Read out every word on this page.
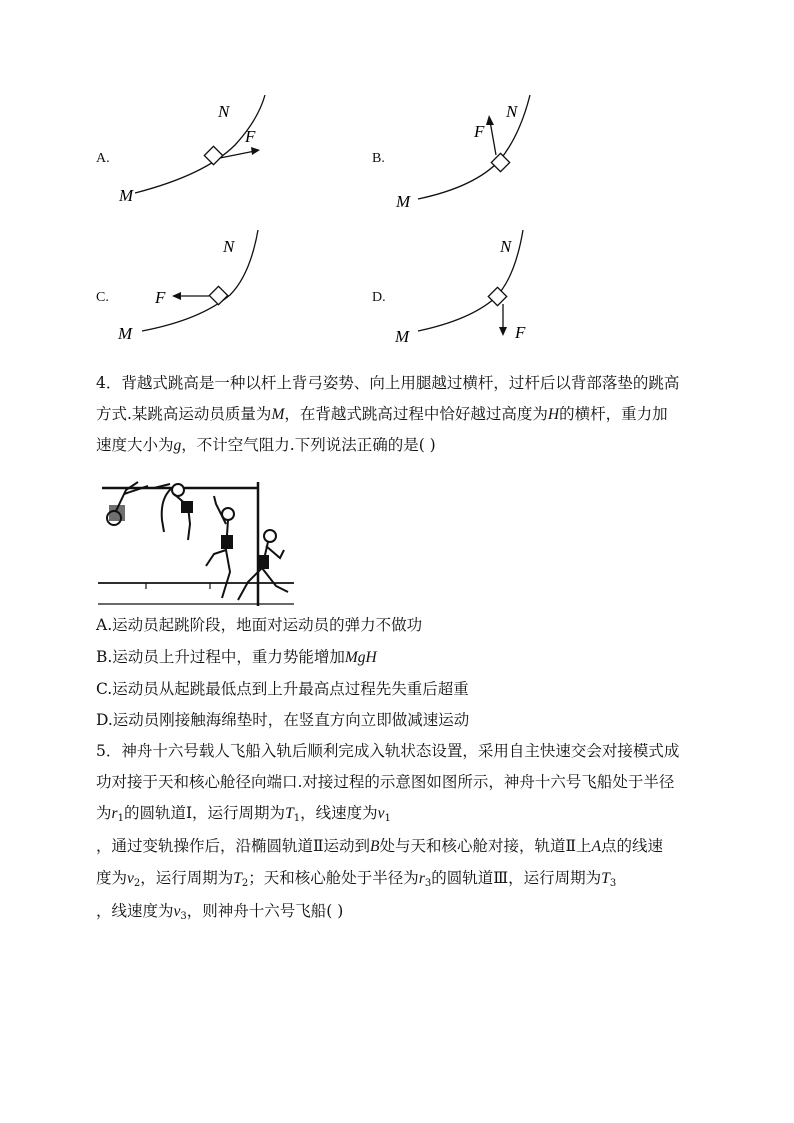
A.
N
F
M
B.
N
F
M
C.
N
F
M
D.
N
F
M
4．背越式跳高是一种以杆上背弓姿势、向上用腿越过横杆，过杆后以背部落垫的跳高
方式.某跳高运动员质量为M，在背越式跳高过程中恰好越过高度为H的横杆，重力加
速度大小为g，不计空气阻力.下列说法正确的是( )
A.运动员起跳阶段，地面对运动员的弹力不做功
B.运动员上升过程中，重力势能增加MgH
C.运动员从起跳最低点到上升最高点过程先失重后超重
D.运动员刚接触海绵垫时，在竖直方向立即做减速运动
5．神舟十六号载人飞船入轨后顺利完成入轨状态设置，采用自主快速交会对接模式成
功对接于天和核心舱径向端口.对接过程的示意图如图所示，神舟十六号飞船处于半径
为$r_1$的圆轨道Ⅰ，运行周期为$T_1$，线速度为$v_1$
，通过变轨操作后，沿椭圆轨道Ⅱ运动到B处与天和核心舱对接，轨道Ⅱ上A点的线速
度为$v_2$，运行周期为$T_2$；天和核心舱处于半径为$r_3$的圆轨道Ⅲ，运行周期为$T_3$
，线速度为$v_3$，则神舟十六号飞船( )
